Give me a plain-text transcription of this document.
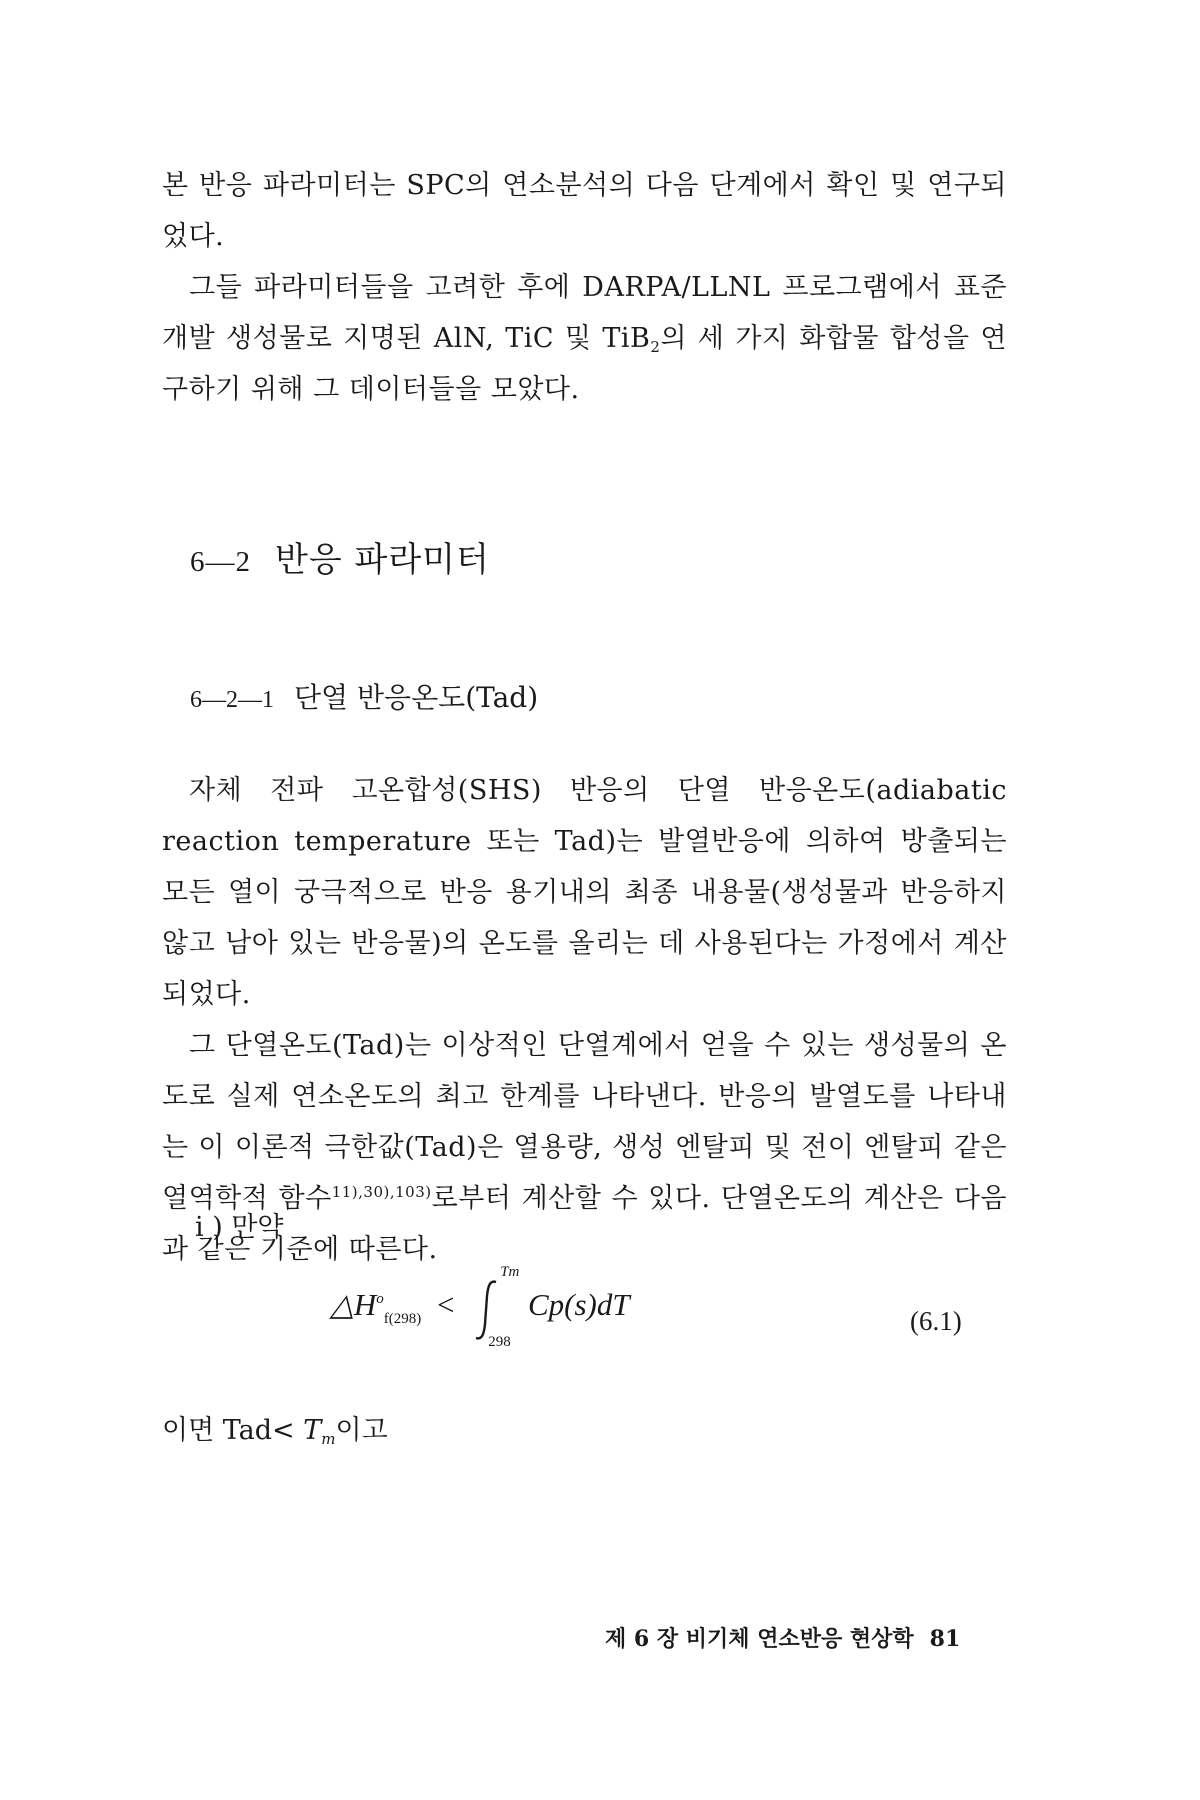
본 반응 파라미터는 SPC의 연소분석의 다음 단계에서 확인 및 연구되었다.

그들 파라미터들을 고려한 후에 DARPA/LLNL 프로그램에서 표준개발 생성물로 지명된 AlN, TiC 및 TiB$_2$의 세 가지 화합물 합성을 연구하기 위해 그 데이터들을 모았다.

6—2 반응 파라미터
6—2—1 단열 반응온도(Tad)

자체 전파 고온합성(SHS) 반응의 단열 반응온도(adiabatic reaction temperature 또는 Tad)는 발열반응에 의하여 방출되는 모든 열이 궁극적으로 반응 용기내의 최종 내용물(생성물과 반응하지 않고 남아 있는 반응물)의 온도를 올리는 데 사용된다는 가정에서 계산되었다.

그 단열온도(Tad)는 이상적인 단열계에서 얻을 수 있는 생성물의 온도로 실제 연소온도의 최고 한계를 나타낸다. 반응의 발열도를 나타내는 이 이론적 극한값(Tad)은 열용량, 생성 엔탈피 및 전이 엔탈피 같은 열역학적 함수$^{11),30),103)}$로부터 계산할 수 있다. 단열온도의 계산은 다음과 같은 기준에 따른다.

i ) 만약
$\triangle H^o_{f(298)}$ <
Tm
298
Cp(s)dT	(6.1)
이면 $Tad< T_m$이고
제 6 장 비기체 연소반응 현상학 81
